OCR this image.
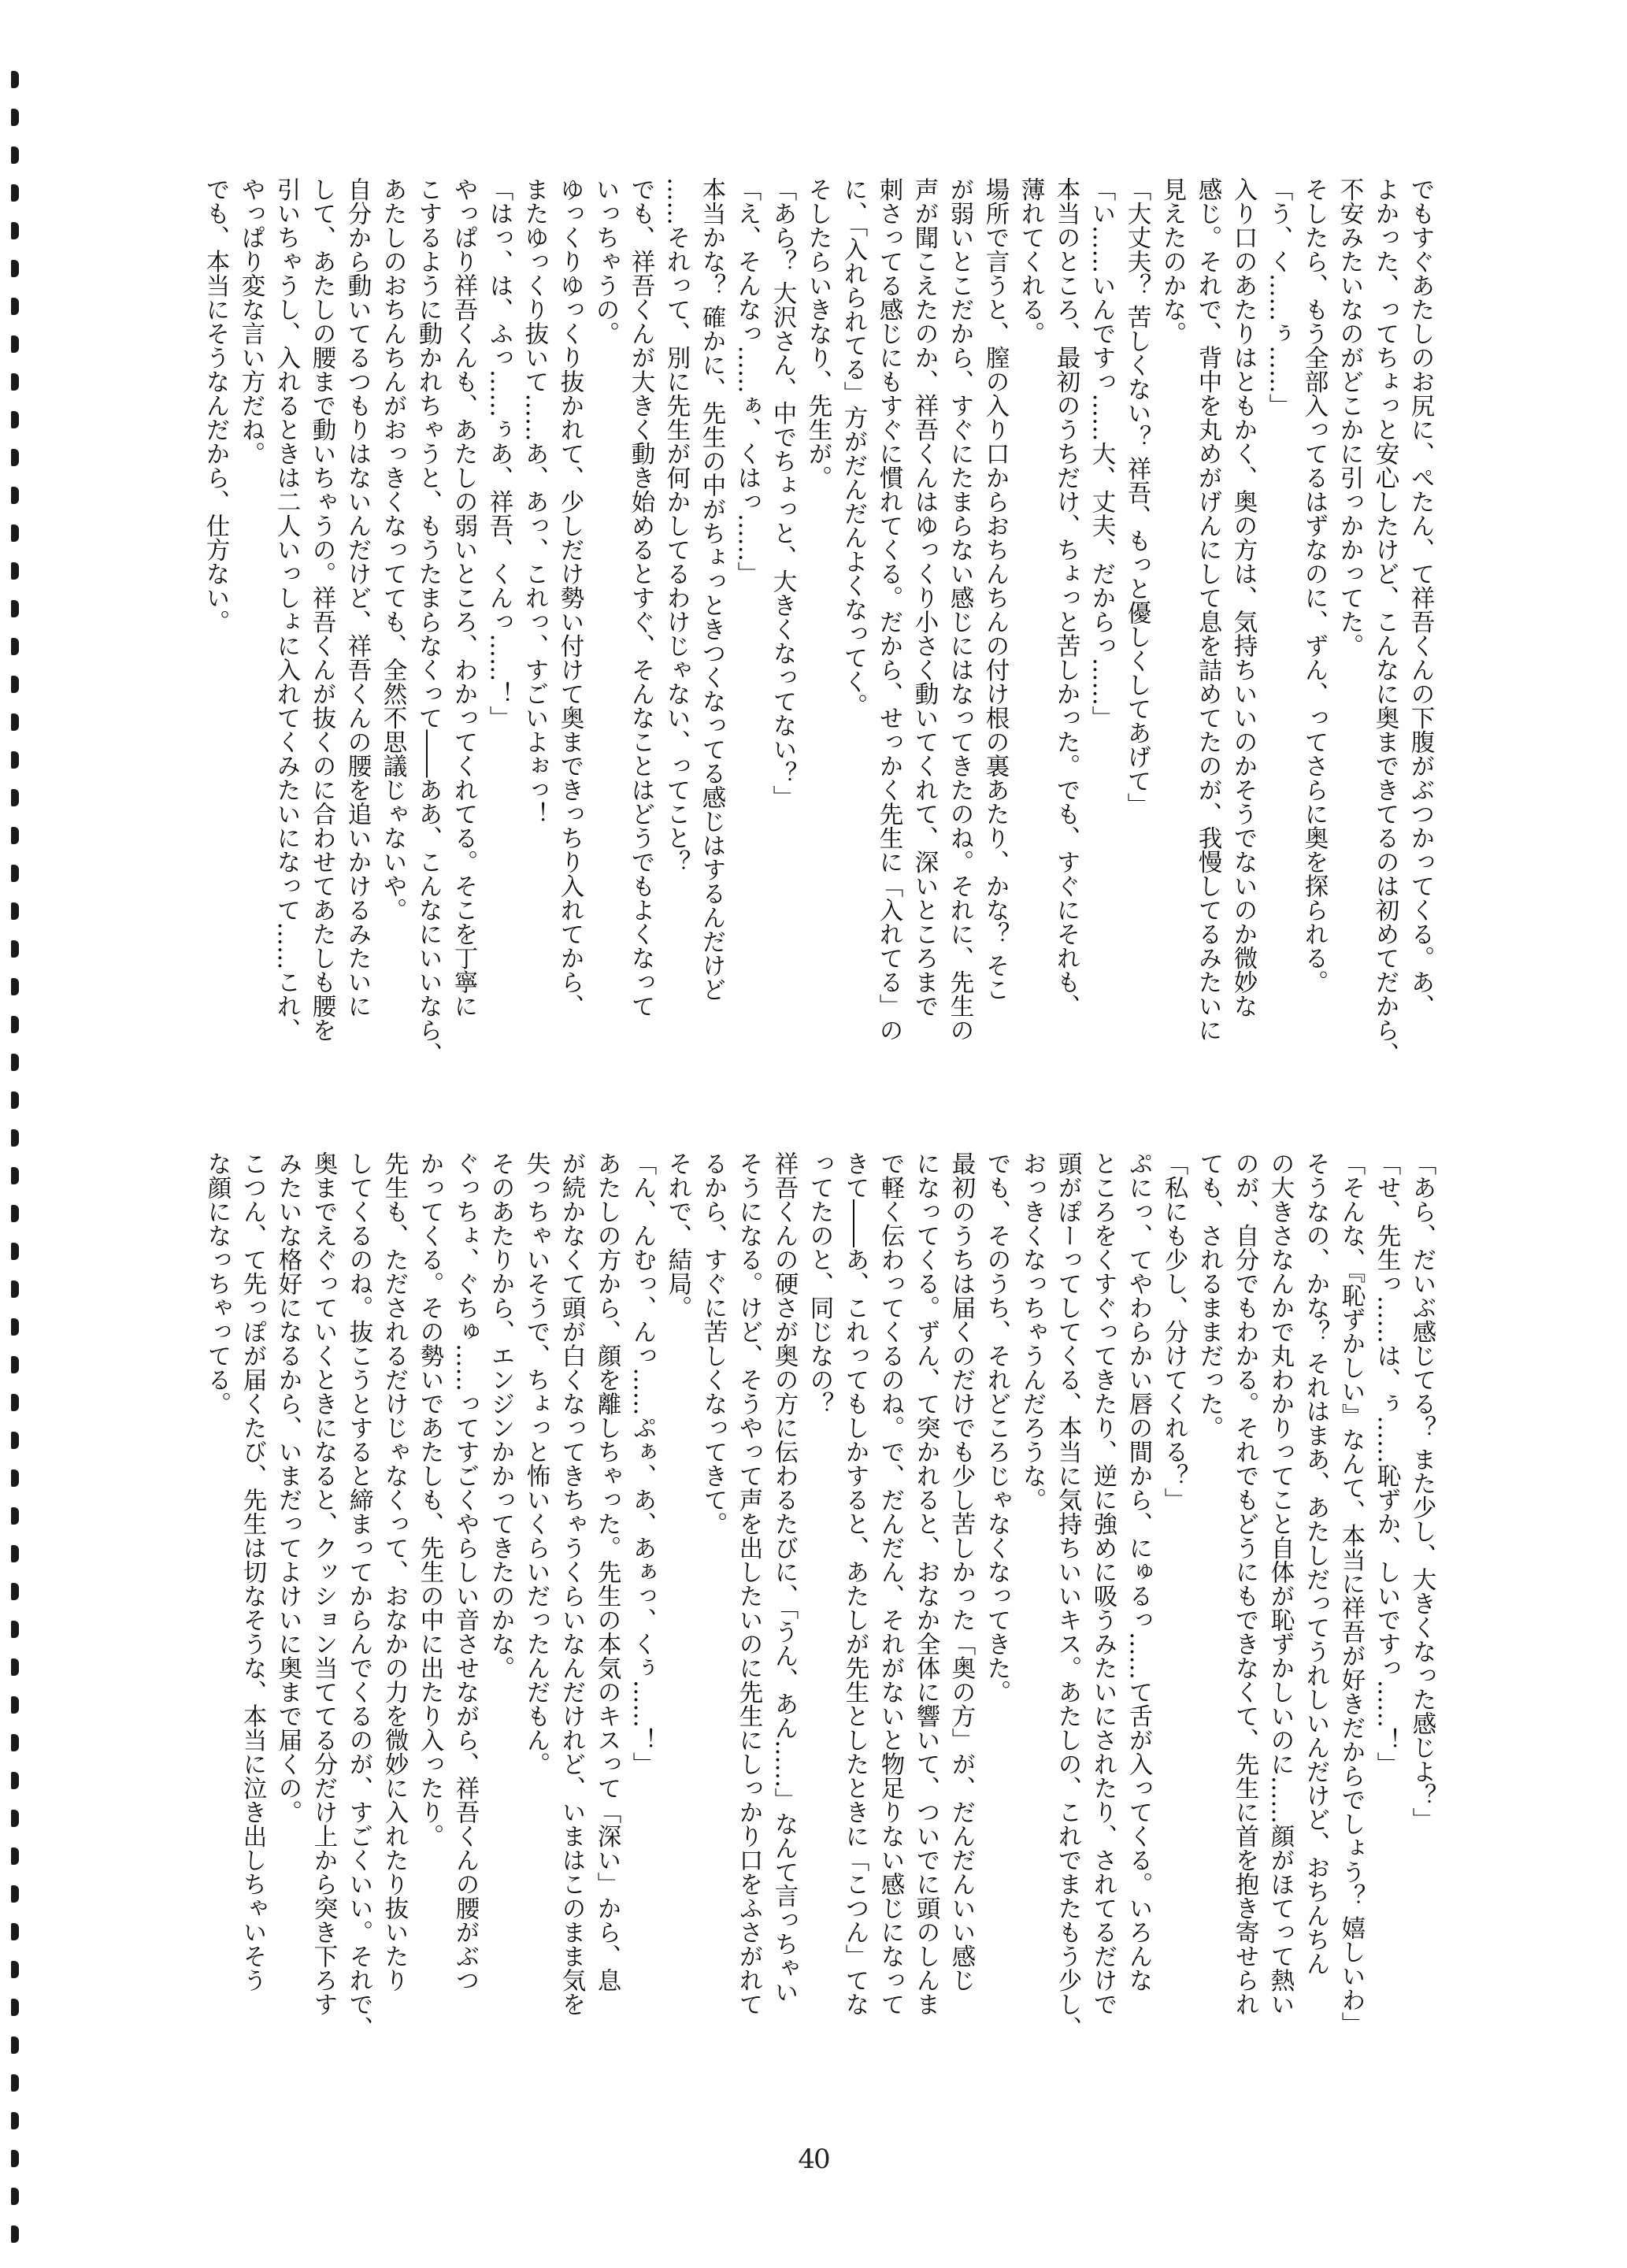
でもすぐあたしのお尻に、ぺたん、て祥吾くんの下腹がぶつかってくる。あ、

よかった、ってちょっと安心したけど、こんなに奥まできてるのは初めてだから、

不安みたいなのがどこかに引っかかってた。

そしたら、もう全部入ってるはずなのに、ずん、ってさらに奥を探られる。

「う、く……ぅ……」

入り口のあたりはともかく、奥の方は、気持ちいいのかそうでないのか微妙な

感じ。それで、背中を丸めがげんにして息を詰めてたのが、我慢してるみたいに

見えたのかな。

「大丈夫？ 苦しくない？ 祥吾、もっと優しくしてあげて」

「い……いんですっ……大、丈夫、だからっ……」

本当のところ、最初のうちだけ、ちょっと苦しかった。でも、すぐにそれも、

薄れてくれる。

場所で言うと、膣の入り口からおちんちんの付け根の裏あたり、かな？ そこ

が弱いとこだから、すぐにたまらない感じにはなってきたのね。それに、先生の

声が聞こえたのか、祥吾くんはゆっくり小さく動いてくれて、深いところまで

刺さってる感じにもすぐに慣れてくる。だから、せっかく先生に「入れてる」の

に、「入れられてる」方がだんだんよくなってく。

そしたらいきなり、先生が。

「あら？ 大沢さん、中でちょっと、大きくなってない？」

「え、そんなっ……ぁ、くはっ……」

本当かな？ 確かに、先生の中がちょっときつくなってる感じはするんだけど

……それって、別に先生が何かしてるわけじゃない、ってこと？

でも、祥吾くんが大きく動き始めるとすぐ、そんなことはどうでもよくなって

いっちゃうの。

ゆっくりゆっくり抜かれて、少しだけ勢い付けて奥まできっちり入れてから、

またゆっくり抜いて……あ、あっ、これっ、すごいよぉっ！

「はっ、は、ふっ……ぅあ、祥吾、くんっ……！」

やっぱり祥吾くんも、あたしの弱いところ、わかってくれてる。そこを丁寧に

こするように動かれちゃうと、もうたまらなくって――ああ、こんなにいいなら、

あたしのおちんちんがおっきくなってても、全然不思議じゃないや。

自分から動いてるつもりはないんだけど、祥吾くんの腰を追いかけるみたいに

して、あたしの腰まで動いちゃうの。祥吾くんが抜くのに合わせてあたしも腰を

引いちゃうし、入れるときは二人いっしょに入れてくみたいになって……これ、

やっぱり変な言い方だね。

でも、本当にそうなんだから、仕方ない。

「あら、だいぶ感じてる？ また少し、大きくなった感じよ？」

「せ、先生っ……は、ぅ……恥ずか、しいですっ……！」

「そんな、『恥ずかしい』なんて、本当に祥吾が好きだからでしょう？ 嬉しいわ」

そうなの、かな？ それはまあ、あたしだってうれしいんだけど、おちんちん

の大きさなんかで丸わかりってこと自体が恥ずかしいのに……顔がほてって熱い

のが、自分でもわかる。それでもどうにもできなくて、先生に首を抱き寄せられ

ても、されるままだった。

「私にも少し、分けてくれる？」

ぷにっ、てやわらかい唇の間から、にゅるっ……て舌が入ってくる。いろんな

ところをくすぐってきたり、逆に強めに吸うみたいにされたり、されてるだけで

頭がぽーってしてくる、本当に気持ちいいキス。あたしの、これでまたもう少し、

おっきくなっちゃうんだろうな。

でも、そのうち、それどころじゃなくなってきた。

最初のうちは届くのだけでも少し苦しかった「奥の方」が、だんだんいい感じ

になってくる。ずん、て突かれると、おなか全体に響いて、ついでに頭のしんま

で軽く伝わってくるのね。で、だんだん、それがないと物足りない感じになって

きて――あ、これってもしかすると、あたしが先生としたときに「こつん」てな

ってたのと、同じなの？

祥吾くんの硬さが奥の方に伝わるたびに、「うん、あん……」なんて言っちゃい

そうになる。けど、そうやって声を出したいのに先生にしっかり口をふさがれて

るから、すぐに苦しくなってきて。

それで、結局。

「ん、んむっ、んっ……ぷぁ、あ、あぁっ、くぅ……！」

あたしの方から、顔を離しちゃった。先生の本気のキスって「深い」から、息

が続かなくて頭が白くなってきちゃうくらいなんだけれど、いまはこのまま気を

失っちゃいそうで、ちょっと怖いくらいだったんだもん。

そのあたりから、エンジンかかってきたのかな。

ぐっちょ、ぐちゅ……ってすごくやらしい音させながら、祥吾くんの腰がぶつ

かってくる。その勢いであたしも、先生の中に出たり入ったり。

先生も、ただされるだけじゃなくって、おなかの力を微妙に入れたり抜いたり

してくるのね。抜こうとすると締まってからんでくるのが、すごくいい。それで、

奥までえぐっていくときになると、クッション当ててる分だけ上から突き下ろす

みたいな格好になるから、いまだってよけいに奥まで届くの。

こつん、て先っぽが届くたび、先生は切なそうな、本当に泣き出しちゃいそう

な顔になっちゃってる。

40
